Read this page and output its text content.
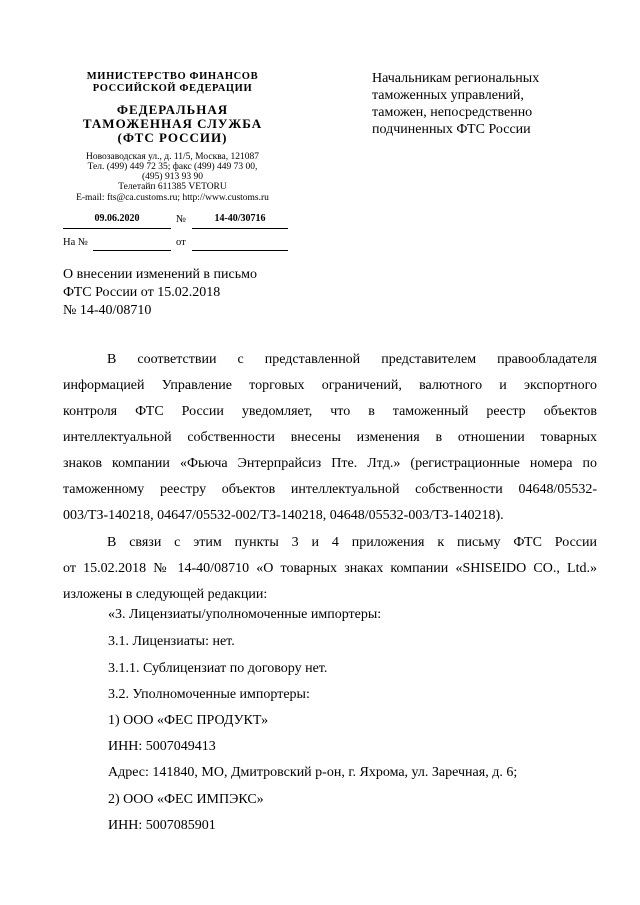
МИНИСТЕРСТВО ФИНАНСОВ
РОССИЙСКОЙ ФЕДЕРАЦИИ
ФЕДЕРАЛЬНАЯ
ТАМОЖЕННАЯ СЛУЖБА
(ФТС РОССИИ)
Новозаводская ул., д. 11/5, Москва, 121087
Тел. (499) 449 72 35; факс (499) 449 73 00,
(495) 913 93 90
Телетайп 611385 VETORU
E-mail: fts@ca.customs.ru; http://www.customs.ru
09.06.2020	№	14-40/30716
На №	от
Начальникам региональных
таможенных управлений,
таможен, непосредственно
подчиненных ФТС России
О внесении изменений в письмо
ФТС России от 15.02.2018
№ 14-40/08710
В соответствии с представленной представителем правообладателя
информацией Управление торговых ограничений, валютного и экспортного
контроля ФТС России уведомляет, что в таможенный реестр объектов
интеллектуальной собственности внесены изменения в отношении товарных
знаков компании «Фьюча Энтерпрайсиз Пте. Лтд.» (регистрационные номера по
таможенному реестру объектов интеллектуальной собственности 04648/05532-
003/ТЗ-140218, 04647/05532-002/ТЗ-140218, 04648/05532-003/ТЗ-140218).
В связи с этим пункты 3 и 4 приложения к письму ФТС России
от 15.02.2018 № 14-40/08710 «О товарных знаках компании «SHISEIDO CO., Ltd.»
изложены в следующей редакции:
«3. Лицензиаты/уполномоченные импортеры:
3.1. Лицензиаты: нет.
3.1.1. Сублицензиат по договору нет.
3.2. Уполномоченные импортеры:
1) ООО «ФЕС ПРОДУКТ»
ИНН: 5007049413
Адрес: 141840, МО, Дмитровский р-он, г. Яхрома, ул. Заречная, д. 6;
2) ООО «ФЕС ИМПЭКС»
ИНН: 5007085901
